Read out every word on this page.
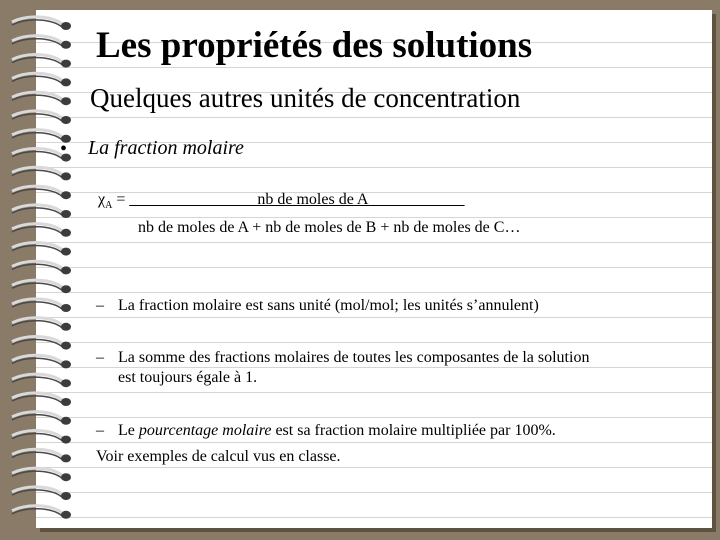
Les propriétés des solutions
Quelques autres unités de concentration
• La fraction molaire
$\chi_A$ = ________________nb de moles de A____________
nb de moles de A + nb de moles de B + nb de moles de C…
– La fraction molaire est sans unité (mol/mol; les unités s’annulent)
– La somme des fractions molaires de toutes les composantes de la solution
est toujours égale à 1.
– Le pourcentage molaire est sa fraction molaire multipliée par 100%.
Voir exemples de calcul vus en classe.
